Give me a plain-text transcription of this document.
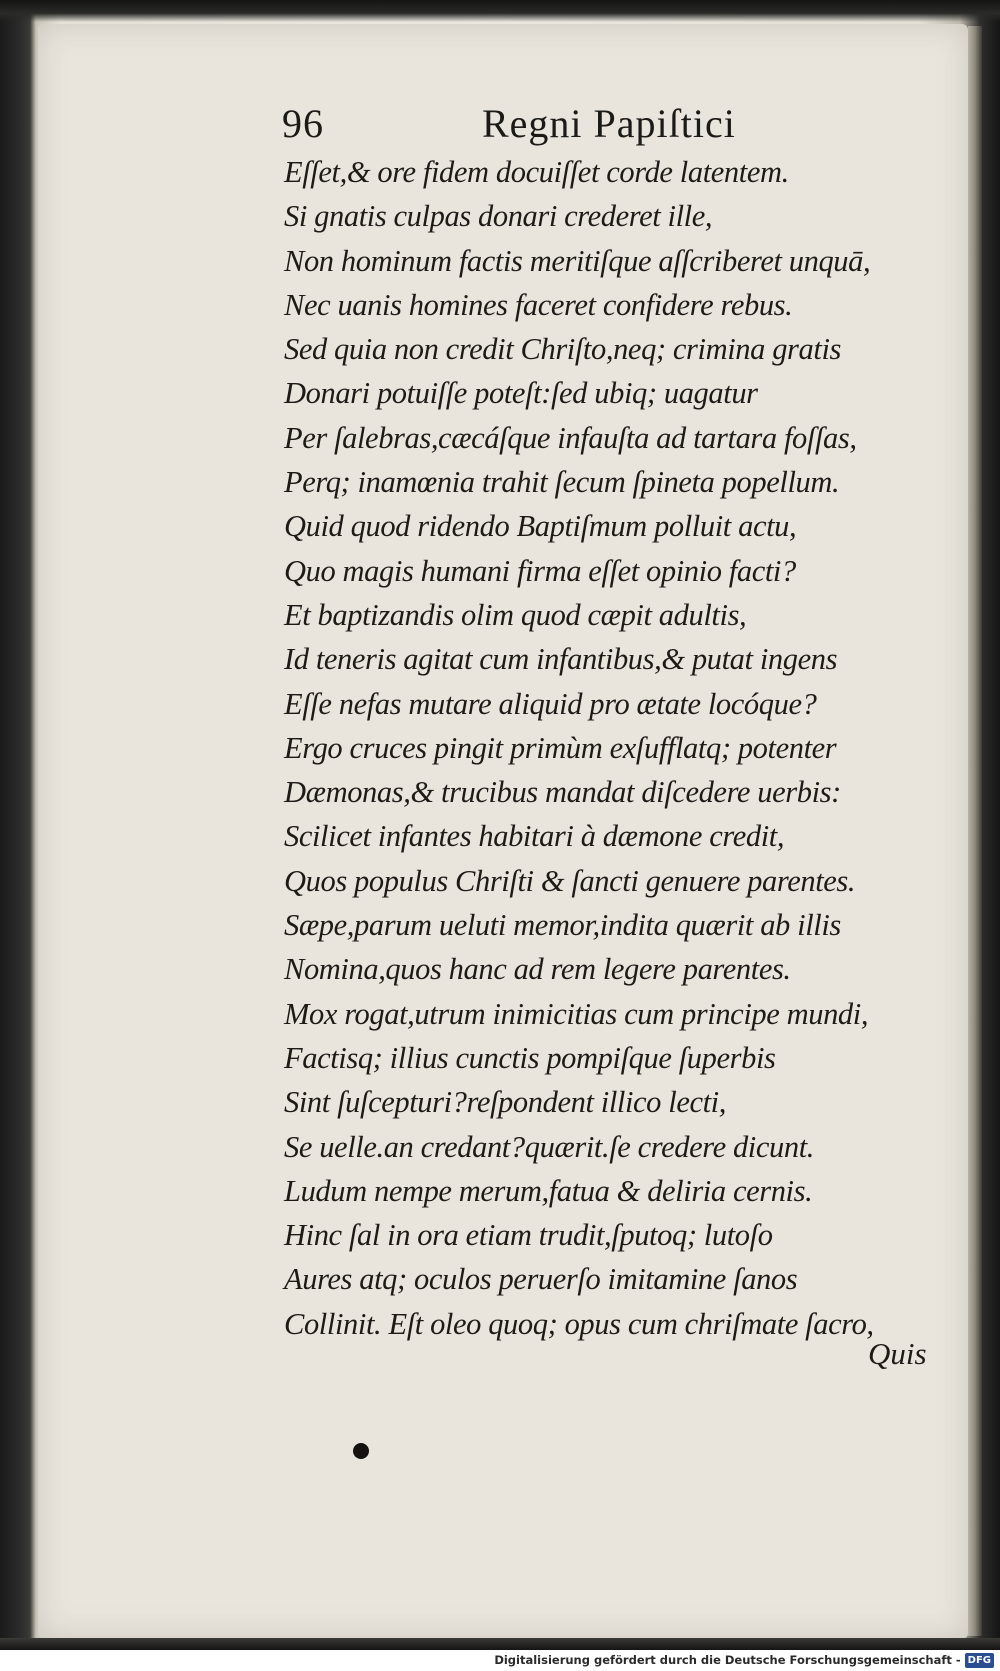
96	Regni Papiſtici
Eſſet,& ore fidem docuiſſet corde latentem.
Si gnatis culpas donari crederet ille,
Non hominum factis meritiſque aſſcriberet unquā,
Nec uanis homines faceret confidere rebus.
Sed quia non credit Chriſto,neq; crimina gratis
Donari potuiſſe poteſt:ſed ubiq; uagatur
Per ſalebras,cæcáſque infauſta ad tartara foſſas,
Perq; inamœnia trahit ſecum ſpineta popellum.
Quid quod ridendo Baptiſmum polluit actu,
Quo magis humani firma eſſet opinio facti?
Et baptizandis olim quod cæpit adultis,
Id teneris agitat cum infantibus,& putat ingens
Eſſe nefas mutare aliquid pro ætate locóque?
Ergo cruces pingit primùm exſufflatq; potenter
Dæmonas,& trucibus mandat diſcedere uerbis:
Scilicet infantes habitari à dæmone credit,
Quos populus Chriſti & ſancti genuere parentes.
Sæpe,parum ueluti memor,indita quærit ab illis
Nomina,quos hanc ad rem legere parentes.
Mox rogat,utrum inimicitias cum principe mundi,
Factisq; illius cunctis pompiſque ſuperbis
Sint ſuſcepturi?reſpondent illico lecti,
Se uelle.an credant?quærit.ſe credere dicunt.
Ludum nempe merum,fatua & deliria cernis.
Hinc ſal in ora etiam trudit,ſputoq; lutoſo
Aures atq; oculos peruerſo imitamine ſanos
Collinit. Eſt oleo quoq; opus cum chriſmate ſacro,
Quis
Digitalisierung gefördert durch die Deutsche Forschungsgemeinschaft - DFG
